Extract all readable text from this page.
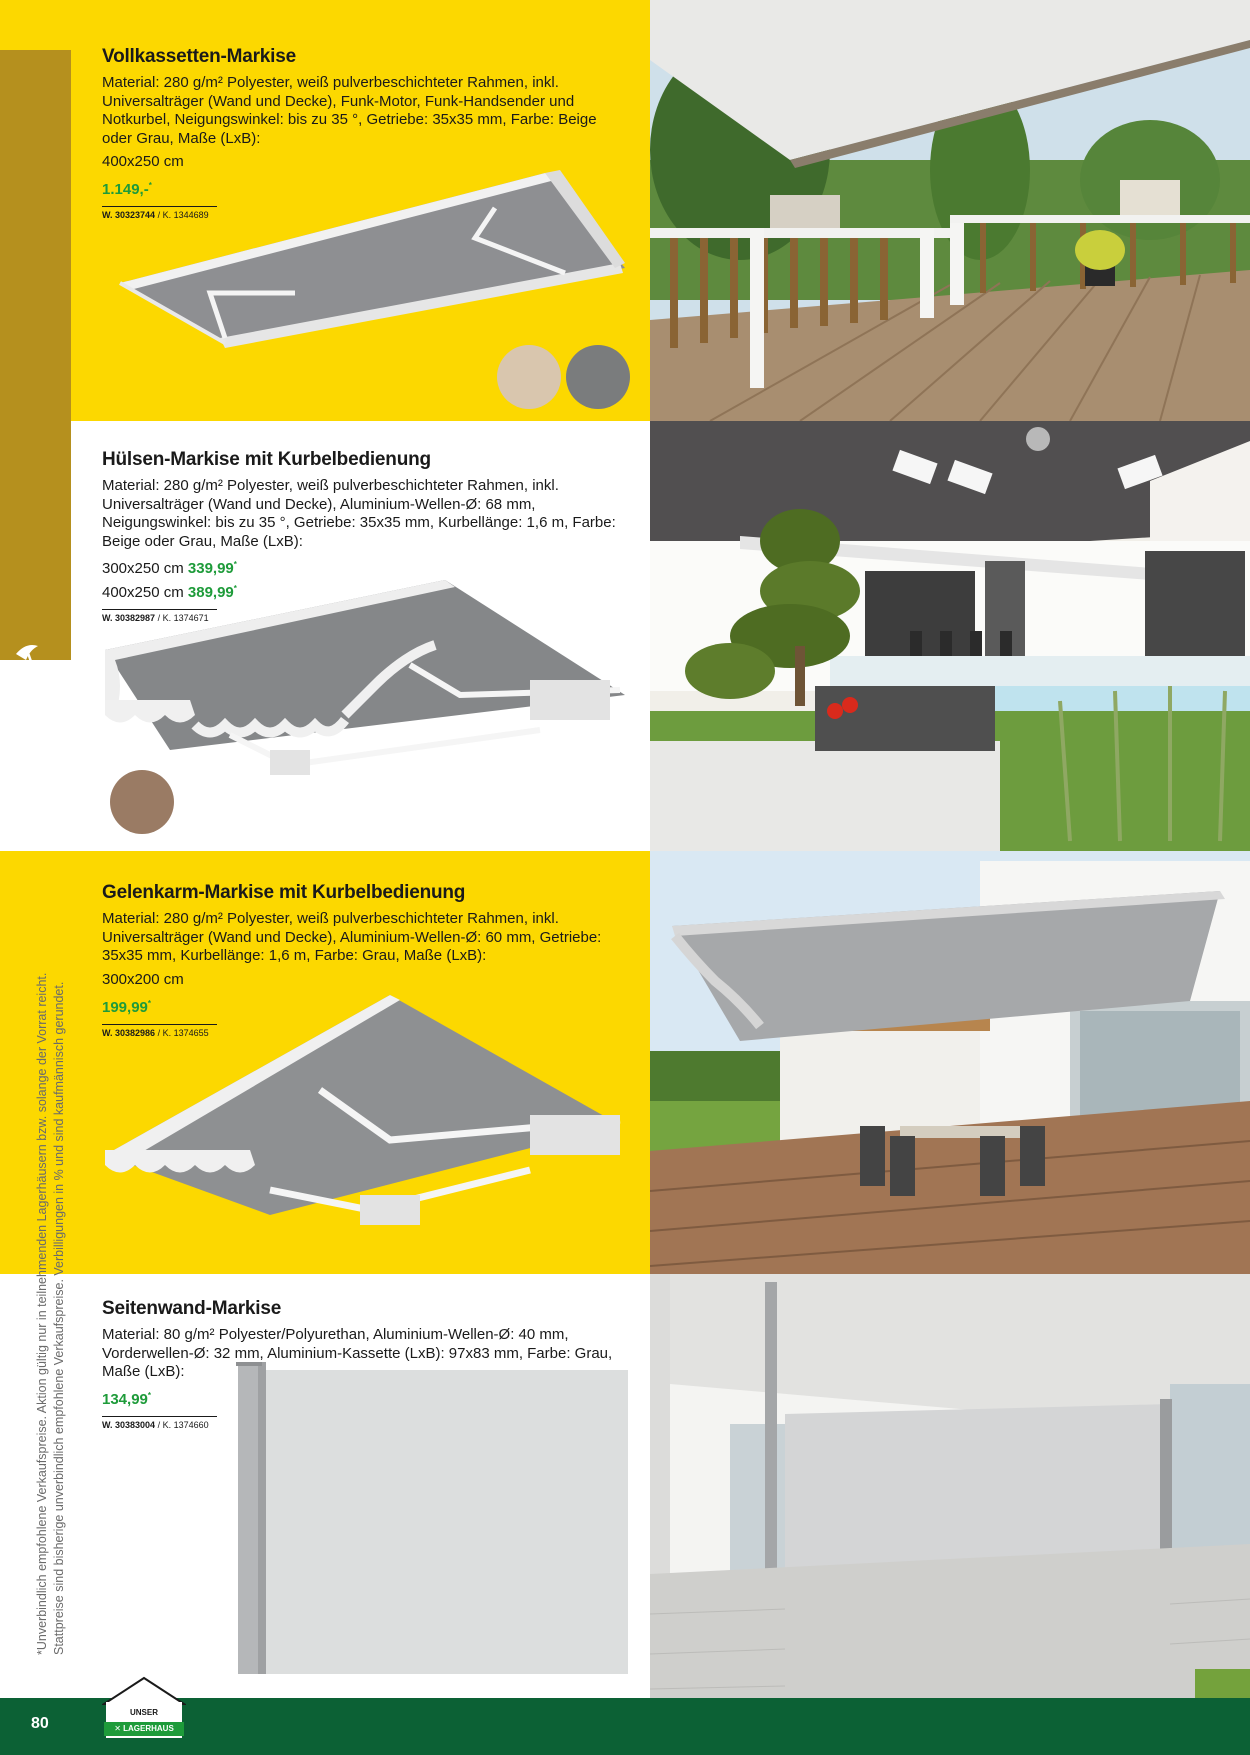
*Unverbindlich empfohlene Verkaufspreise. Aktion gültig nur in teilnehmenden Lagerhäusern bzw. solange der Vorrat reicht. Stattpreise sind bisherige unverbindlich empfohlene Verkaufspreise. Verbilligungen in % und sind kaufmännisch gerundet.
Vollkassetten-Markise
Material: 280 g/m² Polyester, weiß pulverbeschichteter Rahmen, inkl. Universalträger (Wand und Decke), Funk-Motor, Funk-Handsender und Notkurbel, Neigungswinkel: bis zu 35 °, Getriebe: 35x35 mm, Farbe: Beige oder Grau, Maße (LxB):
400x250 cm
1.149,-*
W. 30323744 / K. 1344689
Hülsen-Markise mit Kurbelbedienung
Material: 280 g/m² Polyester, weiß pulverbeschichteter Rahmen, inkl. Universalträger (Wand und Decke), Aluminium-Wellen-Ø: 68 mm, Neigungswinkel: bis zu 35 °, Getriebe: 35x35 mm, Kurbellänge: 1,6 m, Farbe: Beige oder Grau, Maße (LxB):
300x250 cm 339,99*
400x250 cm 389,99*
W. 30382987 / K. 1374671
Gelenkarm-Markise mit Kurbelbedienung
Material: 280 g/m² Polyester, weiß pulverbeschichteter Rahmen, inkl. Universalträger (Wand und Decke), Aluminium-Wellen-Ø: 60 mm, Getriebe: 35x35 mm, Kurbellänge: 1,6 m, Farbe: Grau, Maße (LxB):
300x200 cm
199,99*
W. 30382986 / K. 1374655
Seitenwand-Markise
Material: 80 g/m² Polyester/Polyurethan, Aluminium-Wellen-Ø: 40 mm, Vorderwellen-Ø: 32 mm, Aluminium-Kassette (LxB): 97x83 mm, Farbe: Grau, Maße (LxB):
134,99*
W. 30383004 / K. 1374660
80
UNSER
✕ LAGERHAUS
